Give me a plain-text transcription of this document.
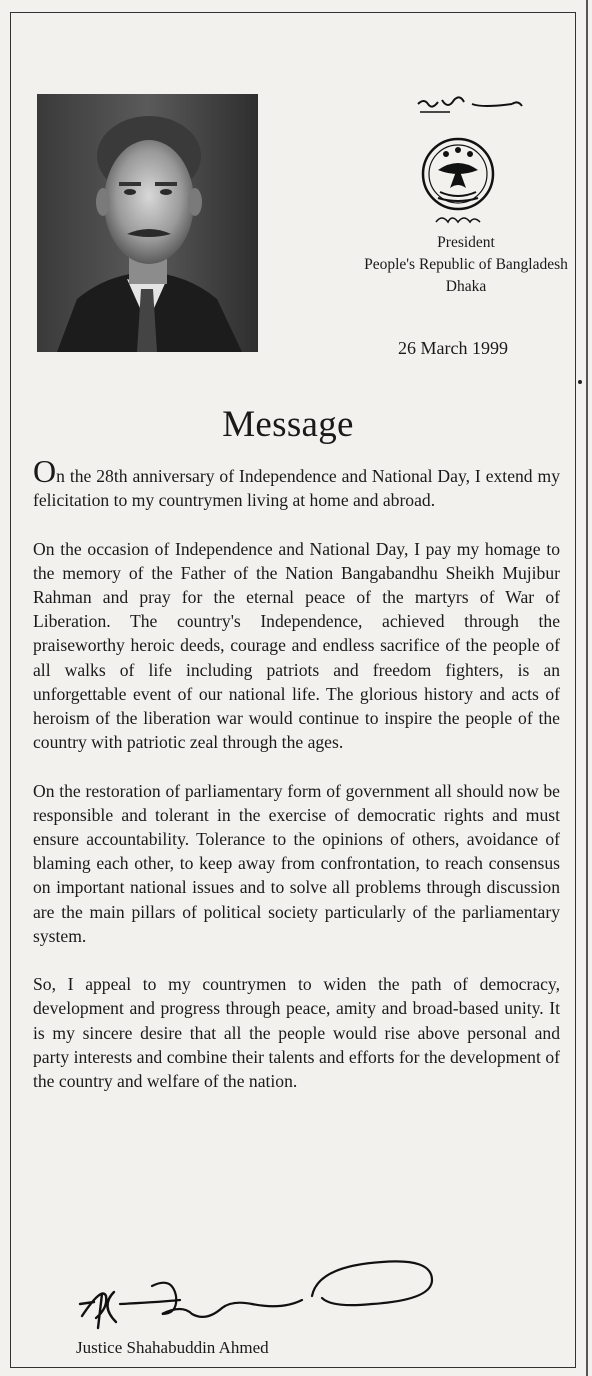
President
People's Republic of Bangladesh
Dhaka
26 March 1999
Message

On the 28th anniversary of Independence and National Day, I extend my felicitation to my countrymen living at home and abroad.

On the occasion of Independence and National Day, I pay my homage to the memory of the Father of the Nation Bangabandhu Sheikh Mujibur Rahman and pray for the eternal peace of the martyrs of War of Liberation. The country's Independence, achieved through the praiseworthy heroic deeds, courage and endless sacrifice of the people of all walks of life including patriots and freedom fighters, is an unforgettable event of our national life. The glorious history and acts of heroism of the liberation war would continue to inspire the people of the country with patriotic zeal through the ages.

On the restoration of parliamentary form of government all should now be responsible and tolerant in the exercise of democratic rights and must ensure accountability. Tolerance to the opinions of others, avoidance of blaming each other, to keep away from confrontation, to reach consensus on important national issues and to solve all problems through discussion are the main pillars of political society particularly of the parliamentary system.

So, I appeal to my countrymen to widen the path of democracy, development and progress through peace, amity and broad-based unity. It is my sincere desire that all the people would rise above personal and party interests and combine their talents and efforts for the development of the country and welfare of the nation.

Justice Shahabuddin Ahmed
